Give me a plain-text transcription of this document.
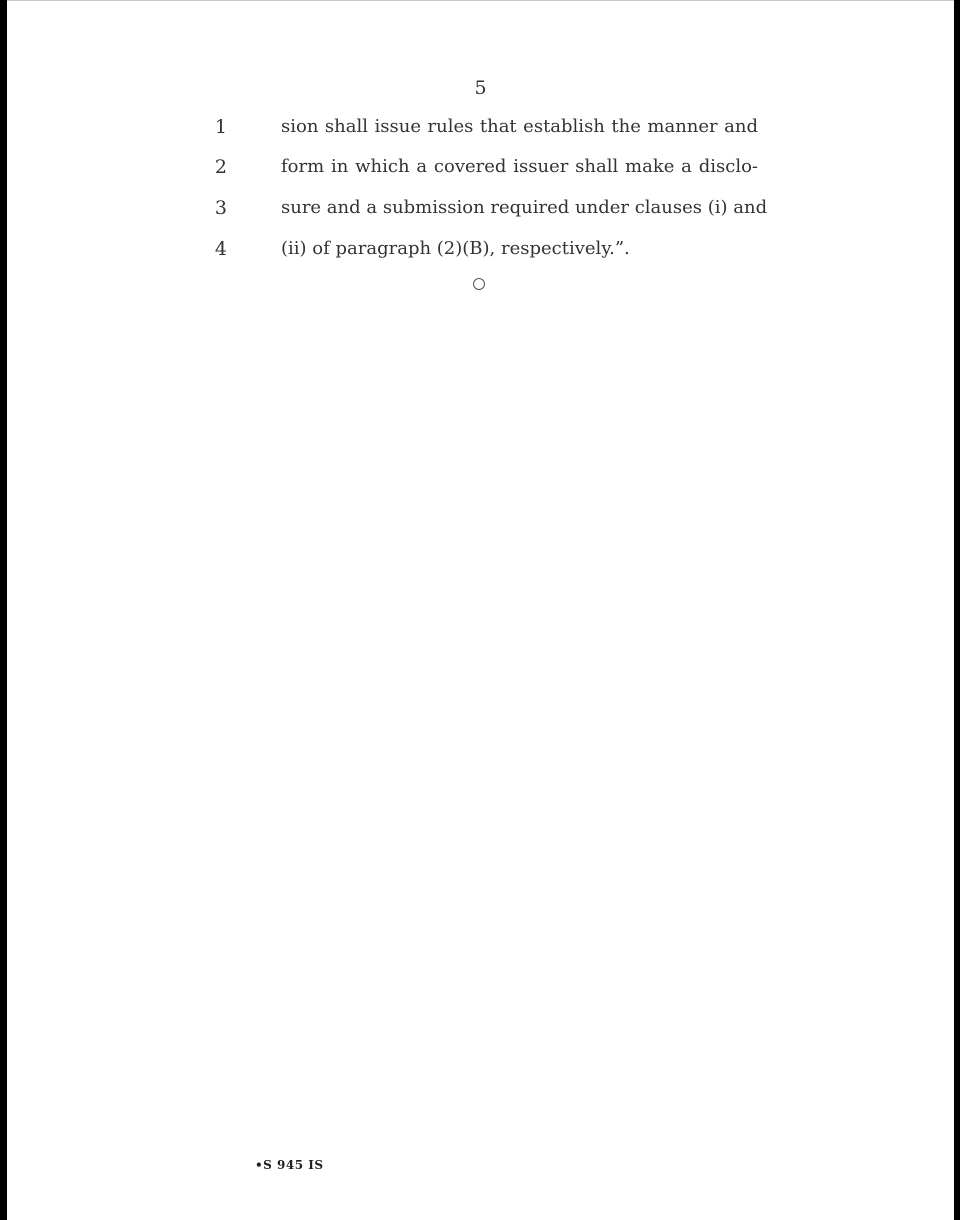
5
1	sion shall issue rules that establish the manner and
2	form in which a covered issuer shall make a disclo-
3	sure and a submission required under clauses (i) and
4	(ii) of paragraph (2)(B), respectively.”.
•S 945 IS
